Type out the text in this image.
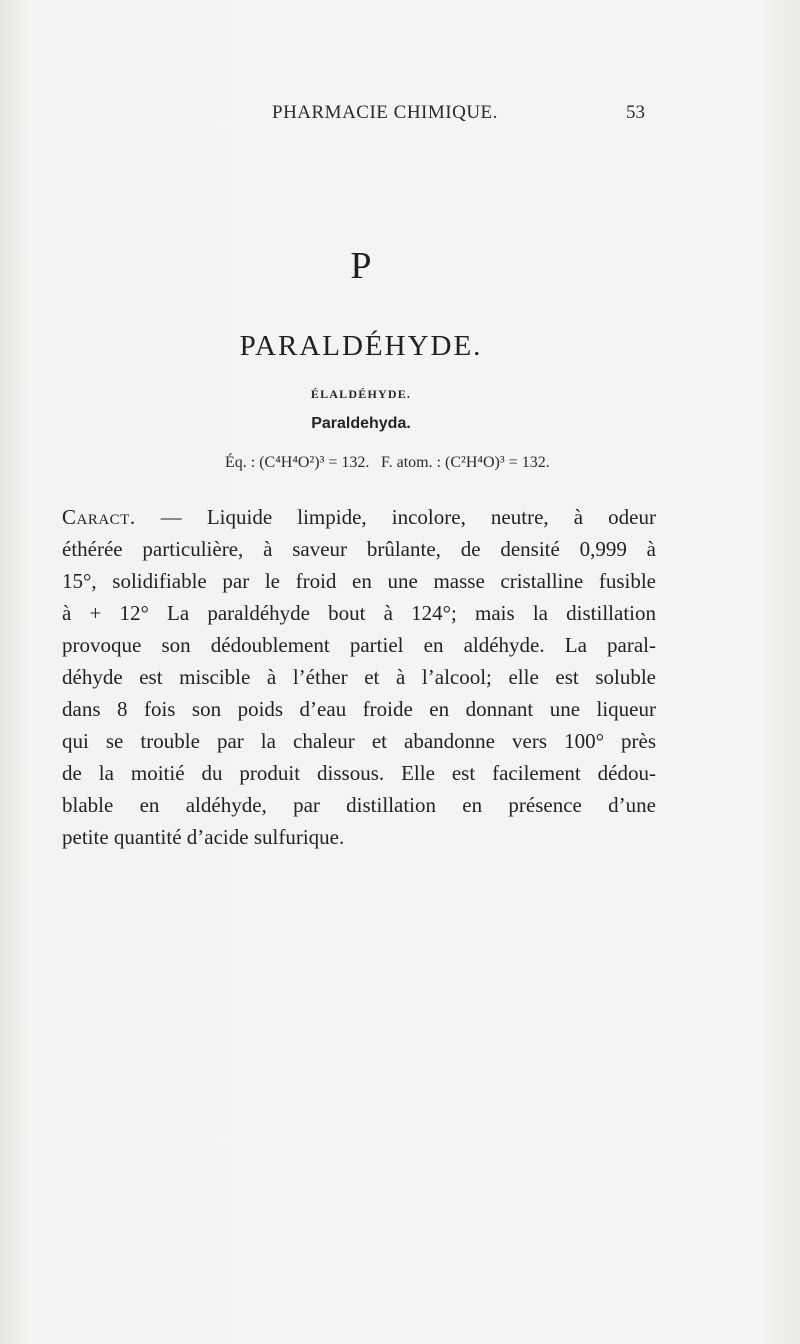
PHARMACIE CHIMIQUE.	53
P
PARALDÉHYDE.
ÉLALDÉHYDE.
Paraldehyda.
Éq. : (C⁴H⁴O²)³ = 132. F. atom. : (C²H⁴O)³ = 132.
Caract. — Liquide limpide, incolore, neutre, à odeur
éthérée particulière, à saveur brûlante, de densité 0,999 à
15°, solidifiable par le froid en une masse cristalline fusible
à + 12° La paraldéhyde bout à 124°; mais la distillation
provoque son dédoublement partiel en aldéhyde. La paral-
déhyde est miscible à l’éther et à l’alcool; elle est soluble
dans 8 fois son poids d’eau froide en donnant une liqueur
qui se trouble par la chaleur et abandonne vers 100° près
de la moitié du produit dissous. Elle est facilement dédou-
blable en aldéhyde, par distillation en présence d’une
petite quantité d’acide sulfurique.
